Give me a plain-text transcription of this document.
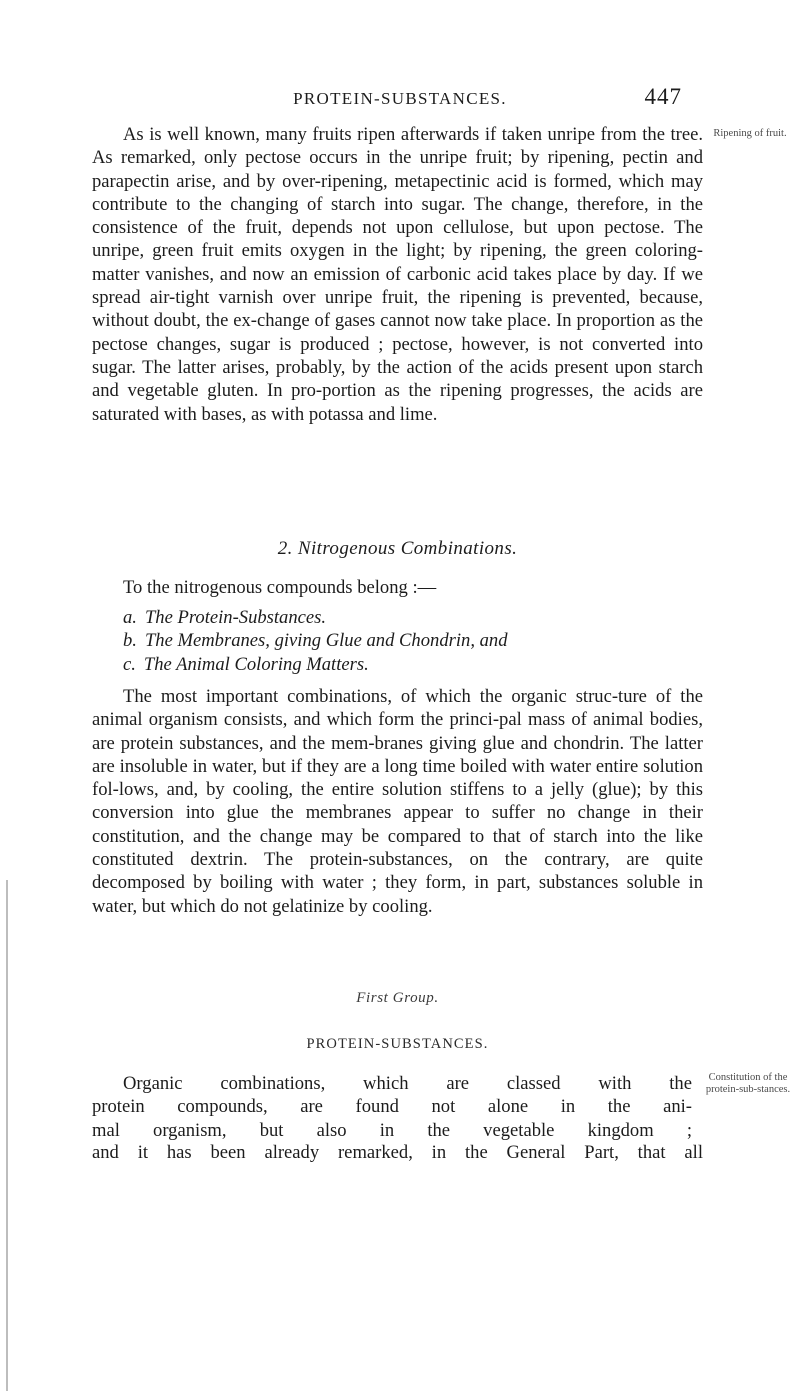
PROTEIN-SUBSTANCES.	447
Ripening of fruit.

As is well known, many fruits ripen afterwards if taken unripe from the tree. As remarked, only pectose occurs in the unripe fruit; by ripening, pectin and parapectin arise, and by over-ripening, metapectinic acid is formed, which may contribute to the changing of starch into sugar. The change, therefore, in the consistence of the fruit, depends not upon cellulose, but upon pectose. The unripe, green fruit emits oxygen in the light; by ripening, the green coloring-matter vanishes, and now an emission of carbonic acid takes place by day. If we spread air-tight varnish over unripe fruit, the ripening is prevented, because, without doubt, the ex-change of gases cannot now take place. In proportion as the pectose changes, sugar is produced ; pectose, however, is not converted into sugar. The latter arises, probably, by the action of the acids present upon starch and vegetable gluten. In pro-portion as the ripening progresses, the acids are saturated with bases, as with potassa and lime.

2. Nitrogenous Combinations.
To the nitrogenous compounds belong :—
a. The Protein-Substances.
b. The Membranes, giving Glue and Chondrin, and
c. The Animal Coloring Matters.

The most important combinations, of which the organic struc-ture of the animal organism consists, and which form the princi-pal mass of animal bodies, are protein substances, and the mem-branes giving glue and chondrin. The latter are insoluble in water, but if they are a long time boiled with water entire solution fol-lows, and, by cooling, the entire solution stiffens to a jelly (glue); by this conversion into glue the membranes appear to suffer no change in their constitution, and the change may be compared to that of starch into the like constituted dextrin. The protein-substances, on the contrary, are quite decomposed by boiling with water ; they form, in part, substances soluble in water, but which do not gelatinize by cooling.

First Group.
PROTEIN-SUBSTANCES.
Constitution of the protein-sub-stances.

Organic combinations, which are classed with the

protein compounds, are found not alone in the ani-

mal organism, but also in the vegetable kingdom ;

and it has been already remarked, in the General Part, that all
